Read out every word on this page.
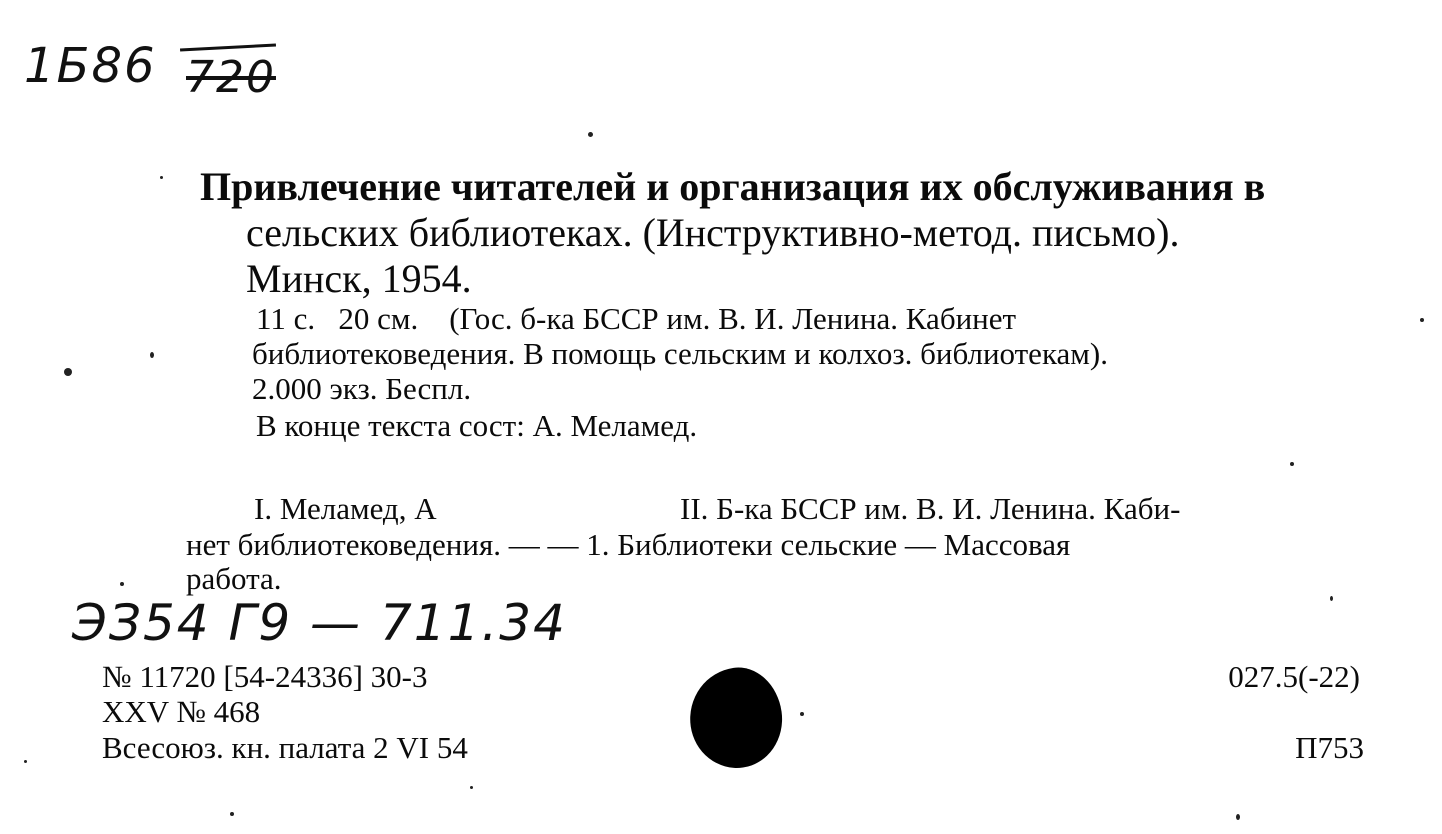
1Б86 720
Привлечение читателей и организация их обслуживания в
сельских библиотеках. (Инструктивно-метод. письмо).
Минск, 1954.
11 с.   20 см.    (Гос. б-ка БССР им. В. И. Ленина. Кабинет
библиотековедения. В помощь сельским и колхоз. библиотекам).
2.000 экз. Беспл.
В конце текста сост: А. Меламед.
I. Меламед, А	II. Б-ка БССР им. В. И. Ленина. Каби-
нет библиотековедения. — — 1. Библиотеки сельские — Массовая
работа.
ЭЗ54 Г9 — 711.34
№ 11720 [54-24336] 30-3
XXV № 468
Всесоюз. кн. палата 2 VI 54
027.5(-22)
П753
